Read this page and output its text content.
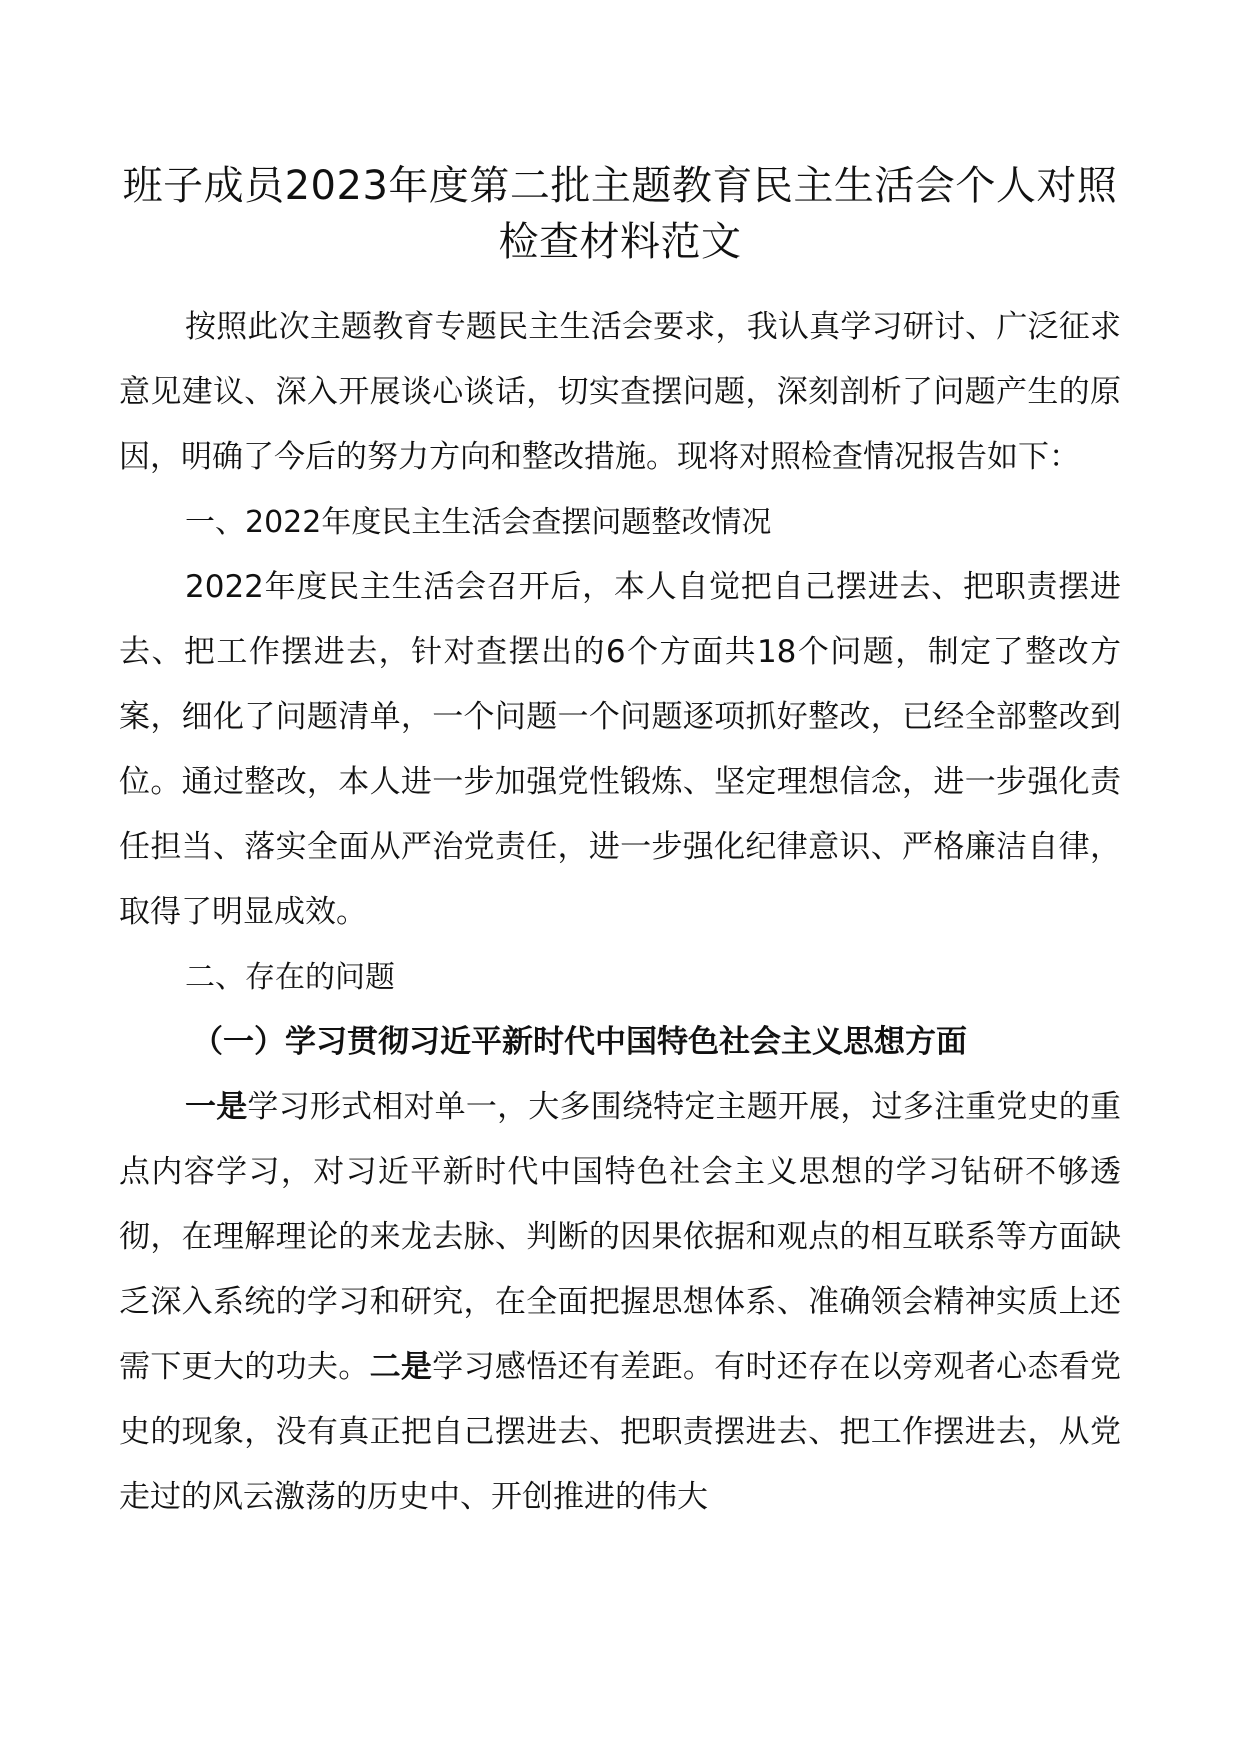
班子成员2023年度第二批主题教育民主生活会个人对照检查材料范文

按照此次主题教育专题民主生活会要求，我认真学习研讨、广泛征求意见建议、深入开展谈心谈话，切实查摆问题，深刻剖析了问题产生的原因，明确了今后的努力方向和整改措施。现将对照检查情况报告如下：

一、2022年度民主生活会查摆问题整改情况

2022年度民主生活会召开后，本人自觉把自己摆进去、把职责摆进去、把工作摆进去，针对查摆出的6个方面共18个问题，制定了整改方案，细化了问题清单，一个问题一个问题逐项抓好整改，已经全部整改到位。通过整改，本人进一步加强党性锻炼、坚定理想信念，进一步强化责任担当、落实全面从严治党责任，进一步强化纪律意识、严格廉洁自律，取得了明显成效。

二、存在的问题

（一）学习贯彻习近平新时代中国特色社会主义思想方面

一是学习形式相对单一，大多围绕特定主题开展，过多注重党史的重点内容学习，对习近平新时代中国特色社会主义思想的学习钻研不够透彻，在理解理论的来龙去脉、判断的因果依据和观点的相互联系等方面缺乏深入系统的学习和研究，在全面把握思想体系、准确领会精神实质上还需下更大的功夫。二是学习感悟还有差距。有时还存在以旁观者心态看党史的现象，没有真正把自己摆进去、把职责摆进去、把工作摆进去，从党走过的风云激荡的历史中、开创推进的伟大
